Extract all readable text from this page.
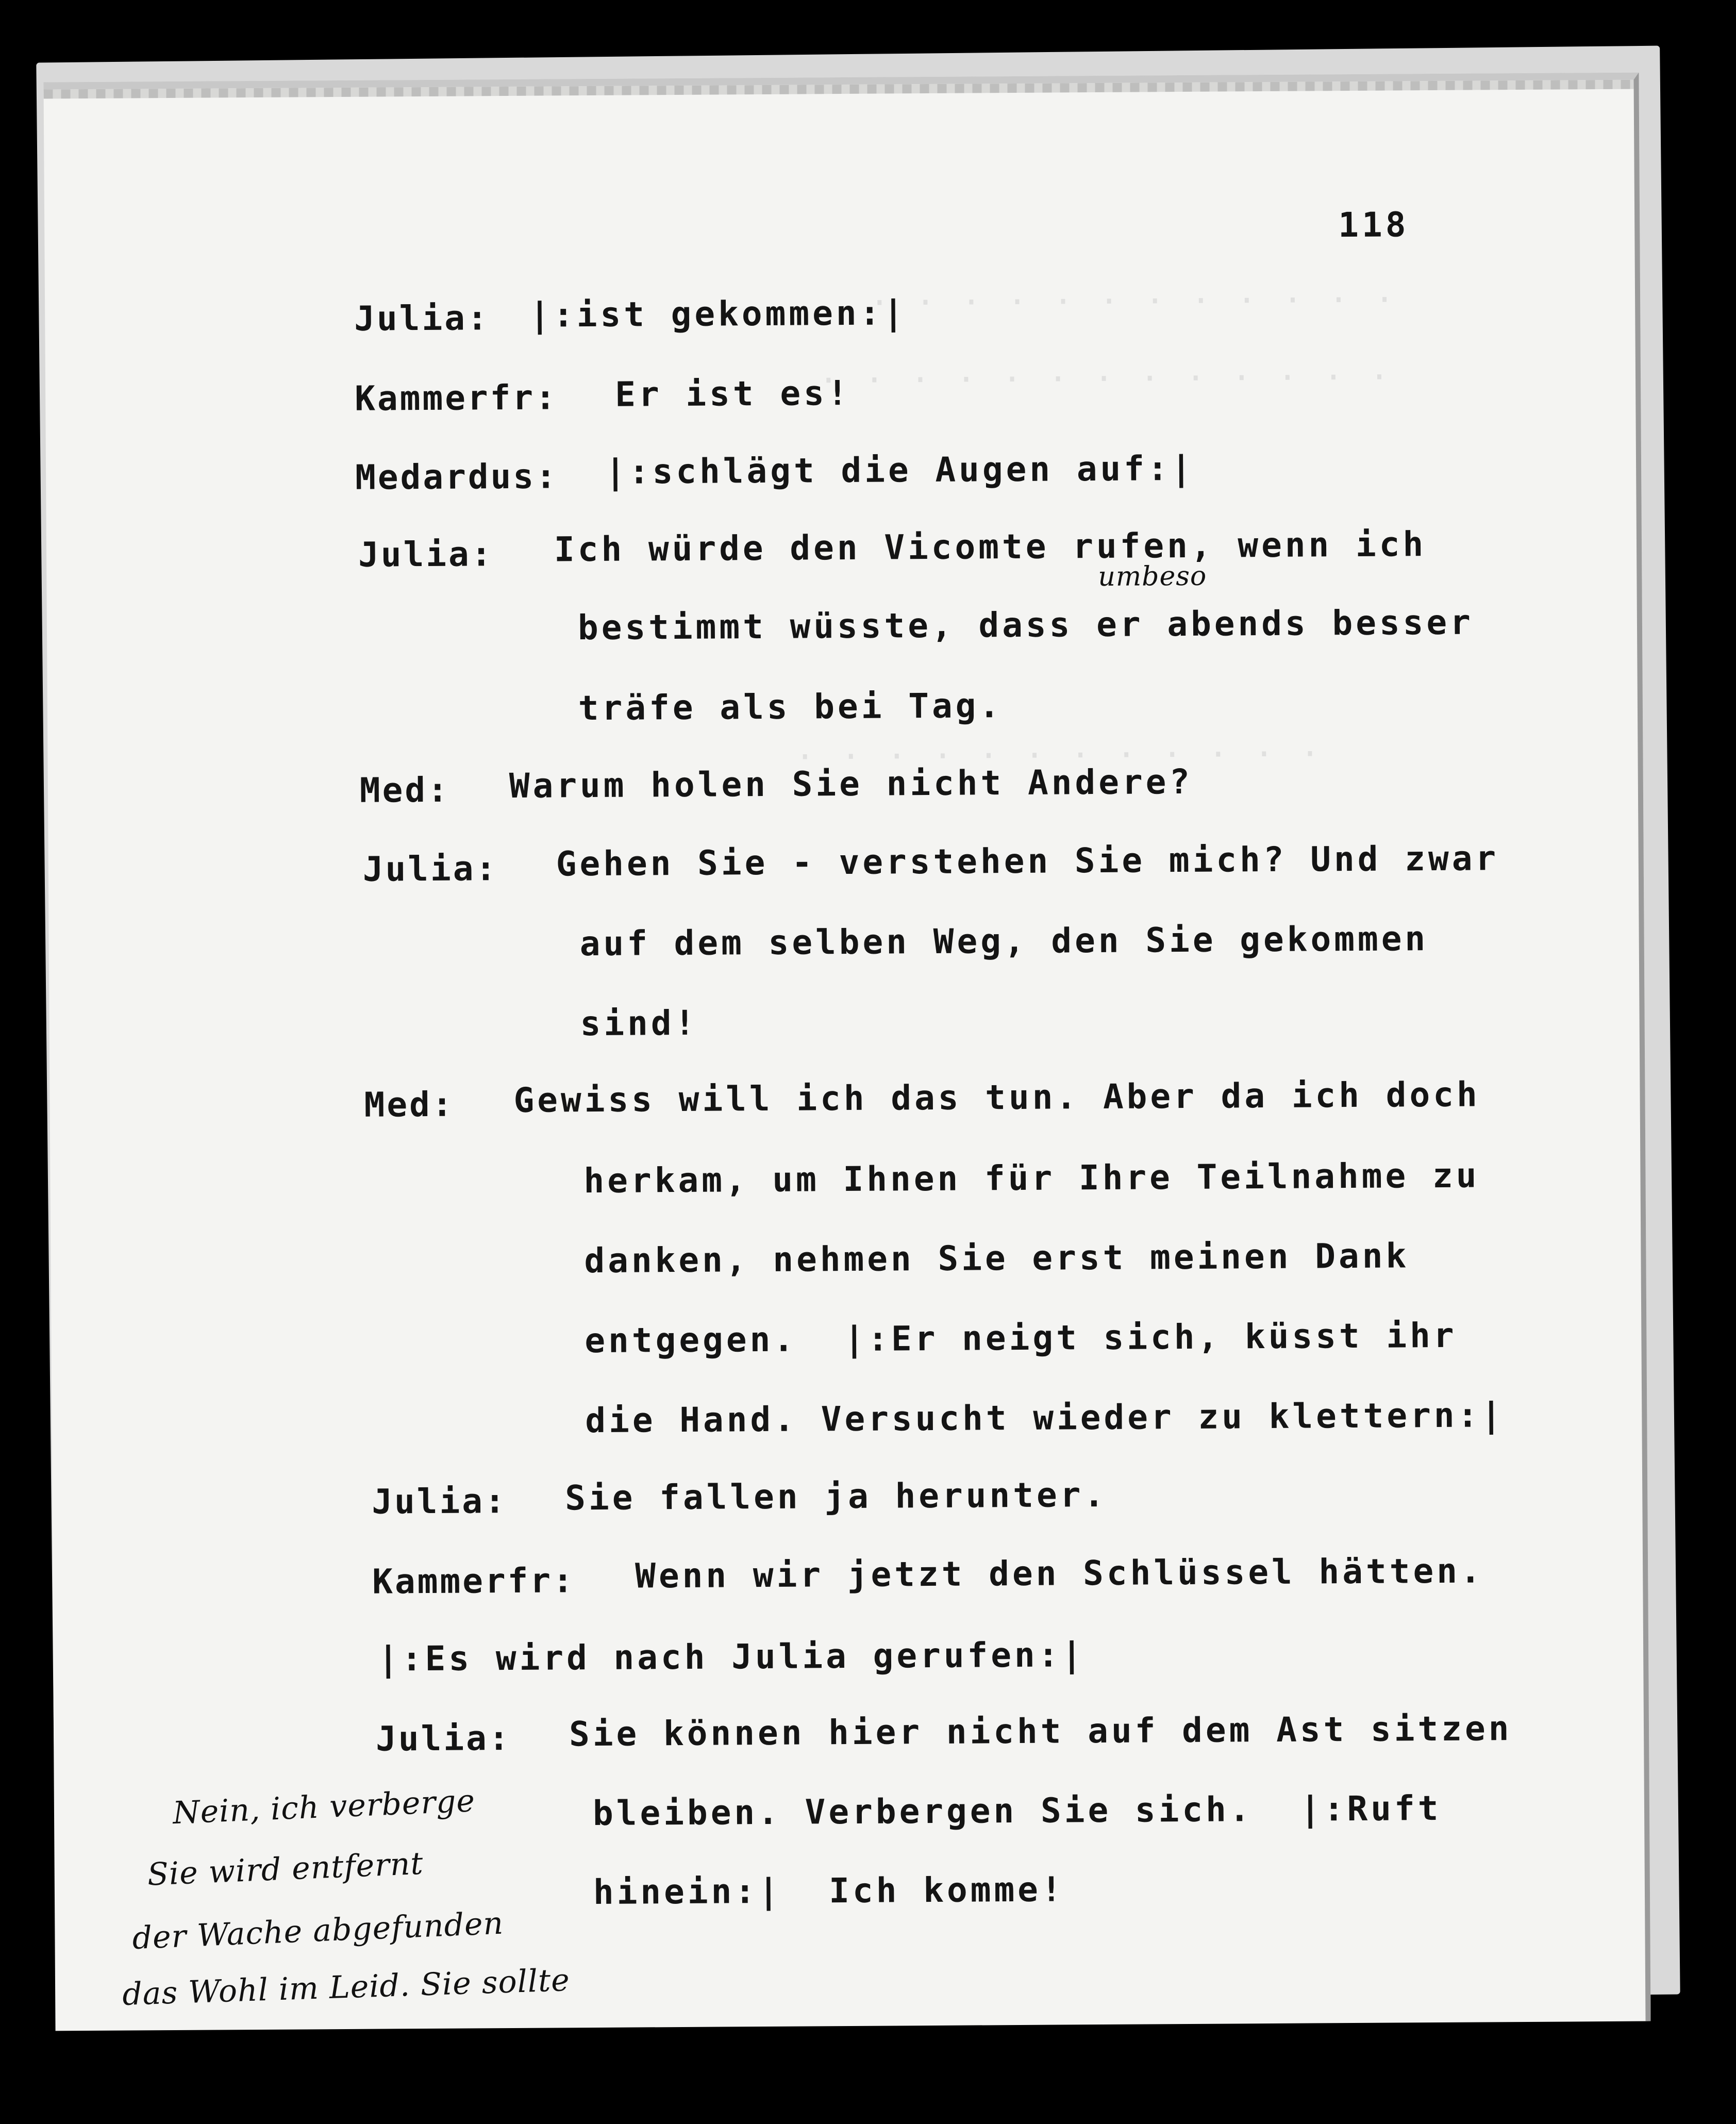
. . . . . . . . . . . .
. . . . . . . . . . . . .
. . . . . . . . . . . .
118
Julia: |:ist gekommen:|
Kammerfr: Er ist es!
Medardus: |:schlägt die Augen auf:|
Julia: Ich würde den Vicomte rufen, wenn ich
bestimmt wüsste, dass er abends besser
träfe als bei Tag.
umbeso
Med: Warum holen Sie nicht Andere?
Julia: Gehen Sie - verstehen Sie mich? Und zwar
auf dem selben Weg, den Sie gekommen
sind!
Med: Gewiss will ich das tun. Aber da ich doch
herkam, um Ihnen für Ihre Teilnahme zu
danken, nehmen Sie erst meinen Dank
entgegen.  |:Er neigt sich, küsst ihr
die Hand. Versucht wieder zu klettern:|
Julia: Sie fallen ja herunter.
Kammerfr: Wenn wir jetzt den Schlüssel hätten.
|:Es wird nach Julia gerufen:|
Julia: Sie können hier nicht auf dem Ast sitzen
bleiben. Verbergen Sie sich.  |:Ruft
hinein:|  Ich komme!
Nein, ich verberge
Sie wird entfernt
der Wache abgefunden
das Wohl im Leid. Sie sollte
